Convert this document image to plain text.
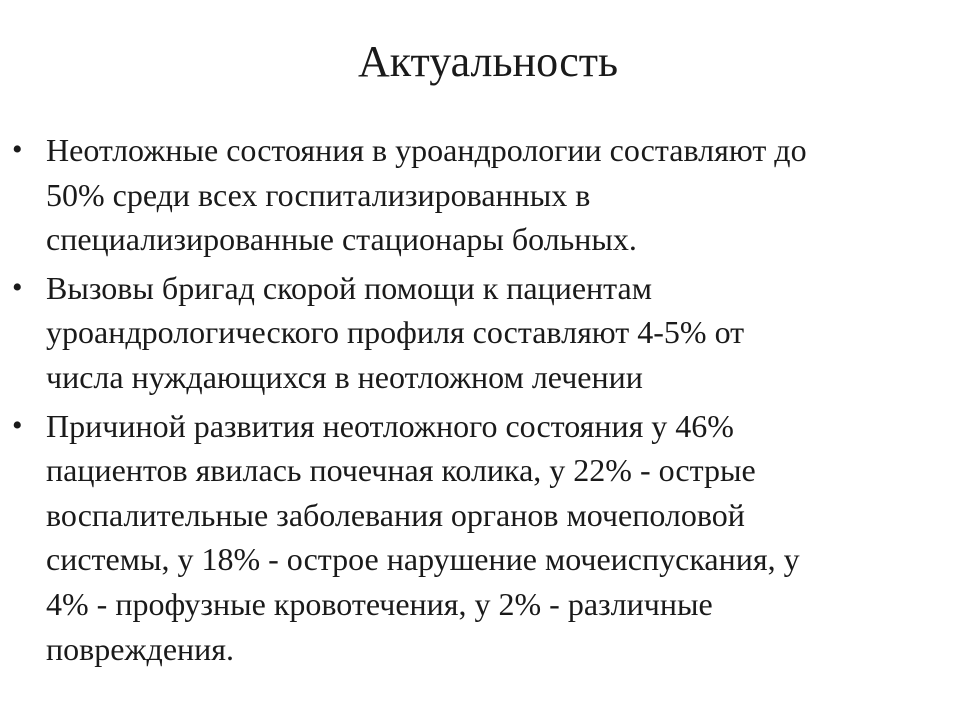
Актуальность
• Неотложные состояния в уроандрологии составляют до
50% среди всех госпитализированных в
специализированные стационары больных.
• Вызовы бригад скорой помощи к пациентам
уроандрологического профиля составляют 4-5% от
числа нуждающихся в неотложном лечении
• Причиной развития неотложного состояния у 46%
пациентов явилась почечная колика, у 22% - острые
воспалительные заболевания органов мочеполовой
системы, у 18% - острое нарушение мочеиспускания, у
4% - профузные кровотечения, у 2% - различные
повреждения.
